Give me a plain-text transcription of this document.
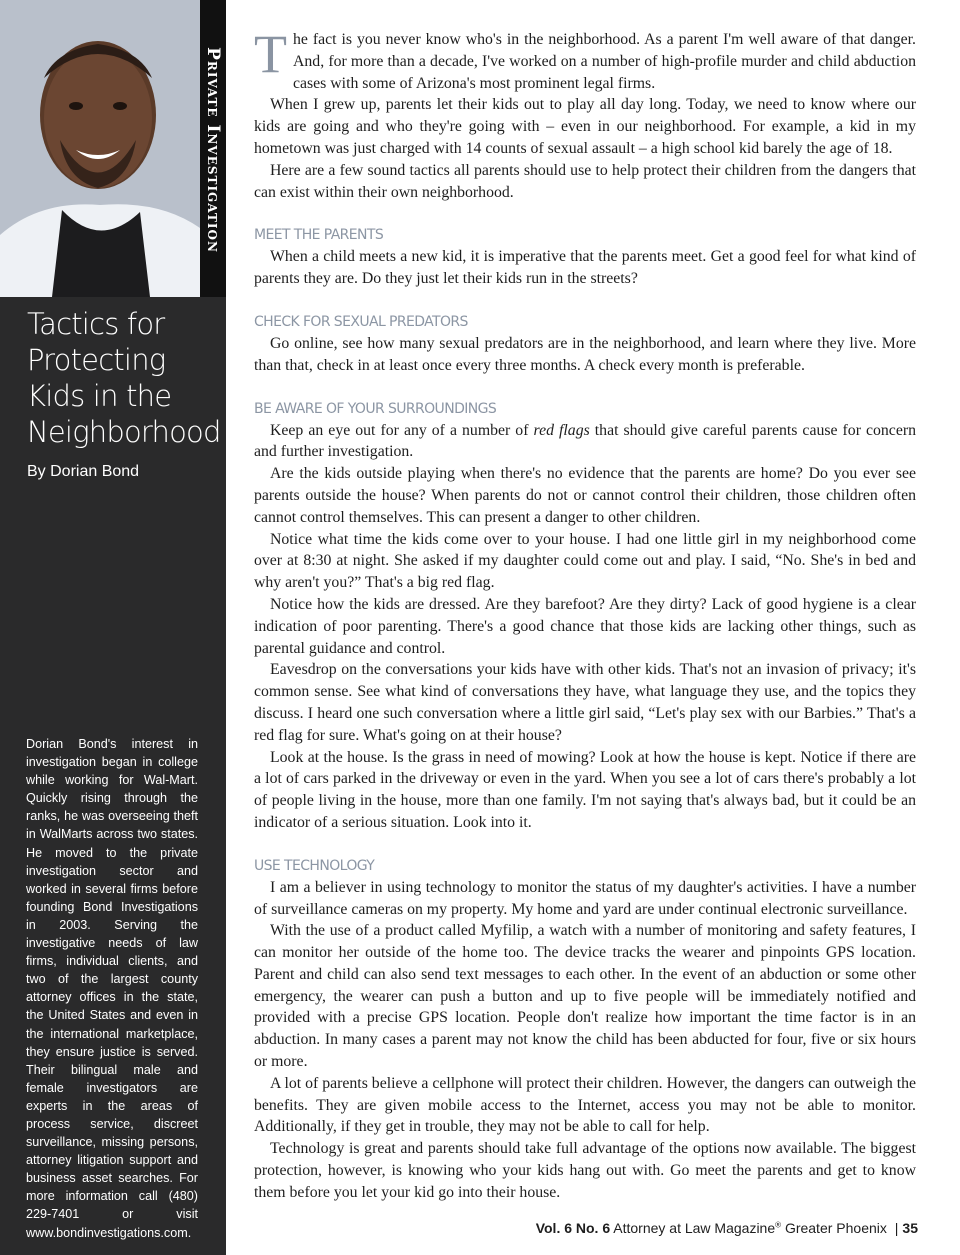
Private Investigation
Tactics for
Protecting
Kids in the
Neighborhood
By Dorian Bond
Dorian Bond's interest in investigation began in college while working for Wal-Mart. Quickly rising through the ranks, he was overseeing theft in WalMarts across two states. He moved to the private investigation sector and worked in several firms before founding Bond Investigations in 2003. Serving the investigative needs of law firms, individual clients, and two of the largest county attorney offices in the state, the United States and even in the international marketplace, they ensure justice is served. Their bilingual male and female investigators are experts in the areas of process service, discreet surveillance, missing persons, attorney litigation support and business asset searches. For more information call (480) 229-7401 or visit www.bondinvestigations.com.

The fact is you never know who's in the neighborhood. As a parent I'm well aware of that danger. And, for more than a decade, I've worked on a number of high-profile murder and child abduction cases with some of Arizona's most prominent legal firms.

When I grew up, parents let their kids out to play all day long. Today, we need to know where our kids are going and who they're going with – even in our neighborhood. For example, a kid in my hometown was just charged with 14 counts of sexual assault – a high school kid barely the age of 18.

Here are a few sound tactics all parents should use to help protect their children from the dangers that can exist within their own neighborhood.

MEET THE PARENTS

When a child meets a new kid, it is imperative that the parents meet. Get a good feel for what kind of parents they are. Do they just let their kids run in the streets?

CHECK FOR SEXUAL PREDATORS

Go online, see how many sexual predators are in the neighborhood, and learn where they live. More than that, check in at least once every three months. A check every month is preferable.

BE AWARE OF YOUR SURROUNDINGS

Keep an eye out for any of a number of red flags that should give careful parents cause for concern and further investigation.

Are the kids outside playing when there's no evidence that the parents are home? Do you ever see parents outside the house? When parents do not or cannot control their children, those children often cannot control themselves. This can present a danger to other children.

Notice what time the kids come over to your house. I had one little girl in my neighborhood come over at 8:30 at night. She asked if my daughter could come out and play. I said, “No. She's in bed and why aren't you?” That's a big red flag.

Notice how the kids are dressed. Are they barefoot? Are they dirty? Lack of good hygiene is a clear indication of poor parenting. There's a good chance that those kids are lacking other things, such as parental guidance and control.

Eavesdrop on the conversations your kids have with other kids. That's not an invasion of privacy; it's common sense. See what kind of conversations they have, what language they use, and the topics they discuss. I heard one such conversation where a little girl said, “Let's play sex with our Barbies.” That's a red flag for sure. What's going on at their house?

Look at the house. Is the grass in need of mowing? Look at how the house is kept. Notice if there are a lot of cars parked in the driveway or even in the yard. When you see a lot of cars there's probably a lot of people living in the house, more than one family. I'm not saying that's always bad, but it could be an indicator of a serious situation. Look into it.

USE TECHNOLOGY

I am a believer in using technology to monitor the status of my daughter's activities. I have a number of surveillance cameras on my property. My home and yard are under continual electronic surveillance.

With the use of a product called Myfilip, a watch with a number of monitoring and safety features, I can monitor her outside of the home too. The device tracks the wearer and pinpoints GPS location. Parent and child can also send text messages to each other. In the event of an abduction or some other emergency, the wearer can push a button and up to five people will be immediately notified and provided with a precise GPS location. People don't realize how important the time factor is in an abduction. In many cases a parent may not know the child has been abducted for four, five or six hours or more.

A lot of parents believe a cellphone will protect their children. However, the dangers can outweigh the benefits. They are given mobile access to the Internet, access you may not be able to monitor. Additionally, if they get in trouble, they may not be able to call for help.

Technology is great and parents should take full advantage of the options now available. The biggest protection, however, is knowing who your kids hang out with. Go meet the parents and get to know them before you let your kid go into their house.

Vol. 6 No. 6 Attorney at Law Magazine® Greater Phoenix | 35
